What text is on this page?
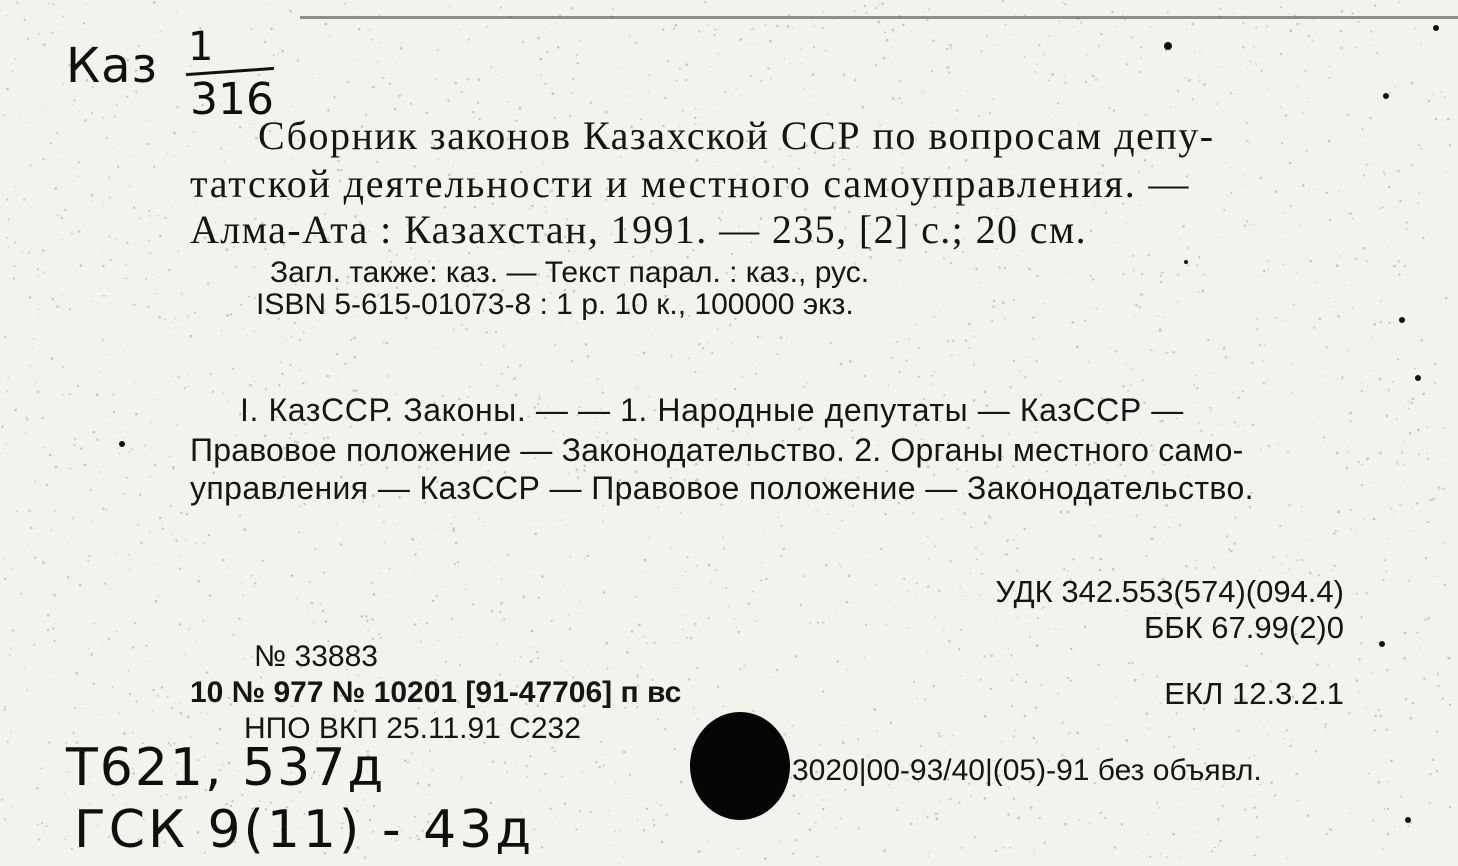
Каз 1
316
Сборник законов Казахской ССР по вопросам депу-
татской деятельности и местного самоуправления. —
Алма-Ата : Казахстан, 1991. — 235, [2] с.; 20 см.
Загл. также: каз. — Текст парал. : каз., рус.
ISBN 5-615-01073-8 : 1 р. 10 к., 100000 экз.
I. КазССР. Законы. — — 1. Народные депутаты — КазССР —
Правовое положение — Законодательство. 2. Органы местного само-
управления — КазССР — Правовое положение — Законодательство.
УДК 342.553(574)(094.4)
ББК 67.99(2)0
ЕКЛ 12.3.2.1
№ 33883
10 № 977 № 10201 [91-47706] п вс
НПО ВКП 25.11.91 С232
3020|00-93/40|(05)-91 без объявл.
Т621, 537д
ГСК 9(11) - 43д
